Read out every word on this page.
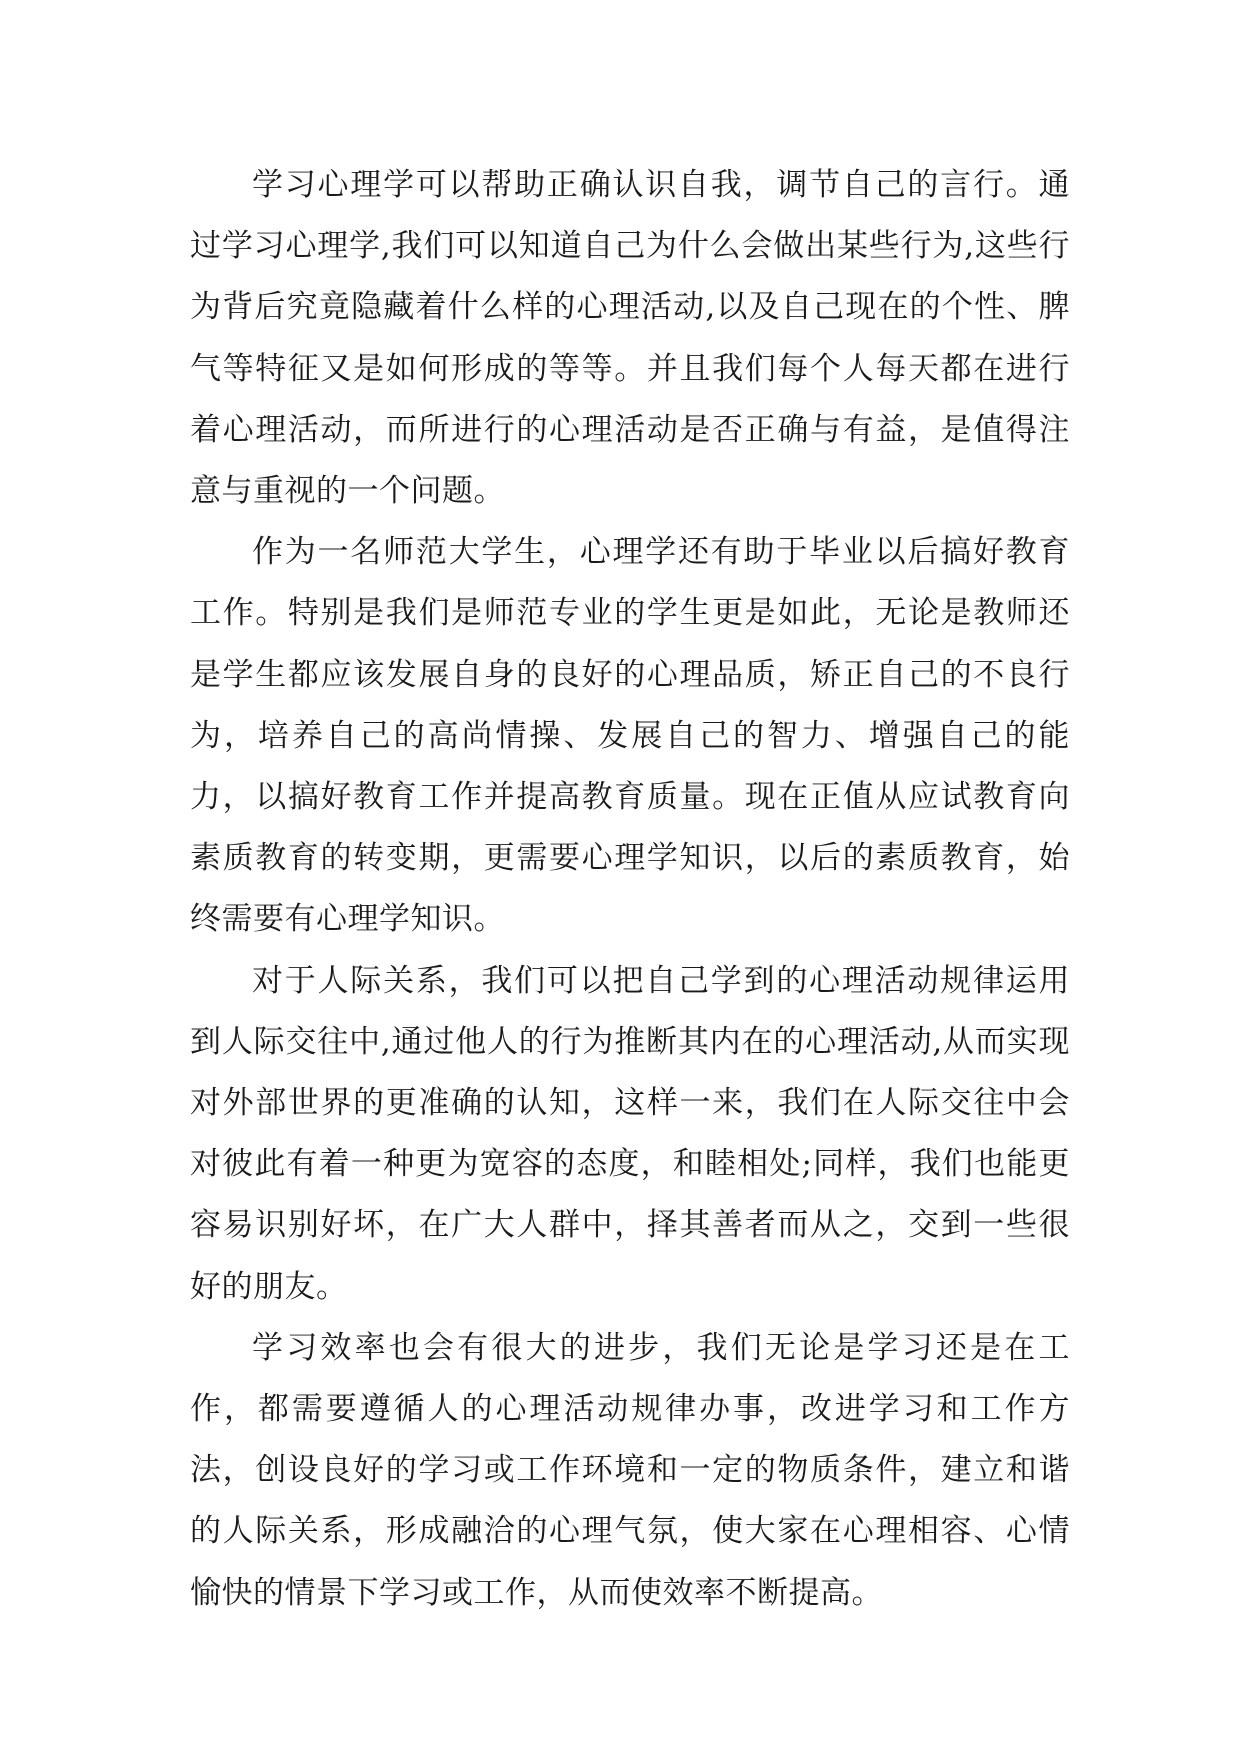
学习心理学可以帮助正确认识自我，调节自己的言行。通过学习心理学,我们可以知道自己为什么会做出某些行为,这些行为背后究竟隐藏着什么样的心理活动,以及自己现在的个性、脾气等特征又是如何形成的等等。并且我们每个人每天都在进行着心理活动，而所进行的心理活动是否正确与有益，是值得注意与重视的一个问题。

作为一名师范大学生，心理学还有助于毕业以后搞好教育工作。特别是我们是师范专业的学生更是如此，无论是教师还是学生都应该发展自身的良好的心理品质，矫正自己的不良行为，培养自己的高尚情操、发展自己的智力、增强自己的能力，以搞好教育工作并提高教育质量。现在正值从应试教育向素质教育的转变期，更需要心理学知识，以后的素质教育，始终需要有心理学知识。

对于人际关系，我们可以把自己学到的心理活动规律运用到人际交往中,通过他人的行为推断其内在的心理活动,从而实现对外部世界的更准确的认知，这样一来，我们在人际交往中会对彼此有着一种更为宽容的态度，和睦相处;同样，我们也能更容易识别好坏，在广大人群中，择其善者而从之，交到一些很好的朋友。

学习效率也会有很大的进步，我们无论是学习还是在工作，都需要遵循人的心理活动规律办事，改进学习和工作方法，创设良好的学习或工作环境和一定的物质条件，建立和谐的人际关系，形成融洽的心理气氛，使大家在心理相容、心情愉快的情景下学习或工作，从而使效率不断提高。
